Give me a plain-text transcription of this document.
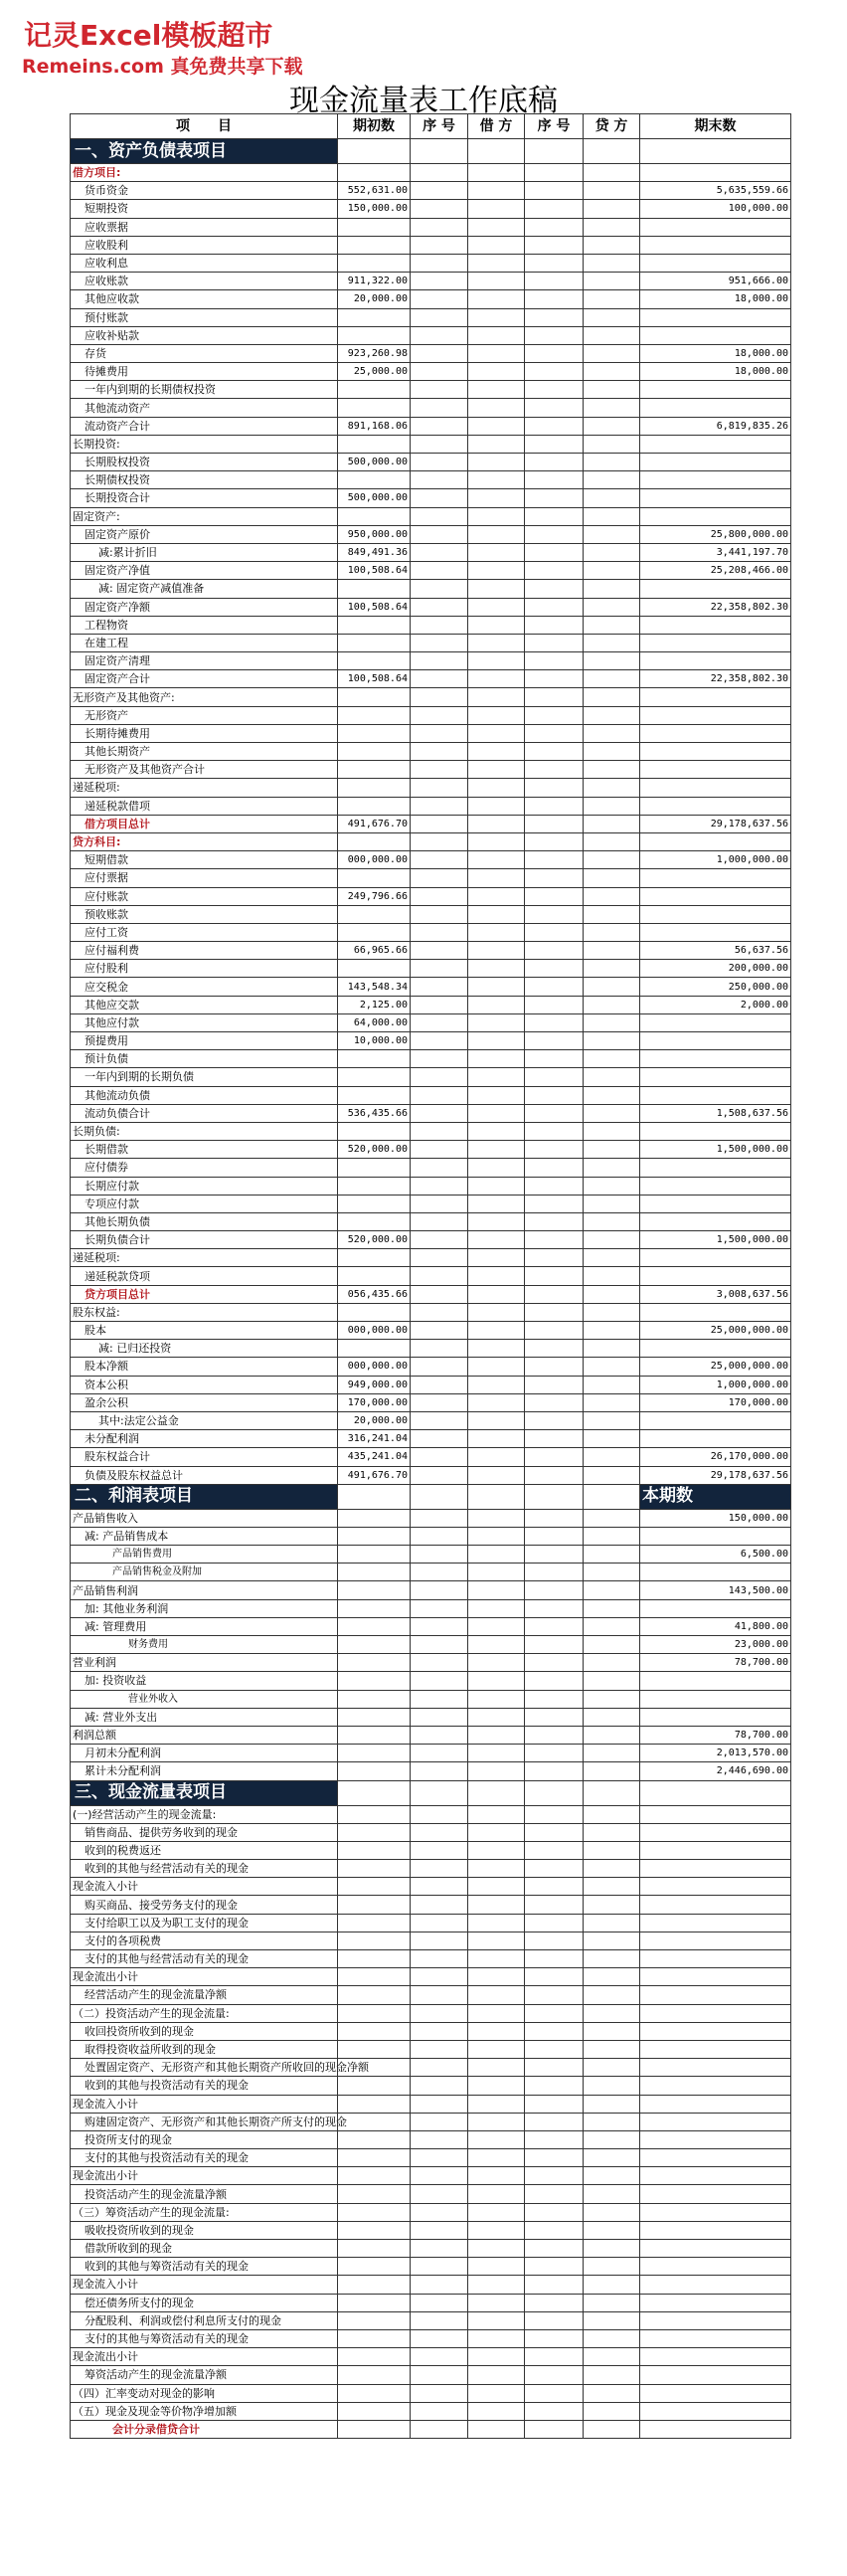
记灵Excel模板超市
Remeins.com 真免费共享下载
现金流量表工作底稿
项　　目	期初数	序 号	借 方	序 号	贷 方	期末数
一、资产负债表项目						
借方项目:						
货币资金	552,631.00					5,635,559.66
短期投资	150,000.00					100,000.00
应收票据						
应收股利						
应收利息						
应收账款	911,322.00					951,666.00
其他应收款	20,000.00					18,000.00
预付账款						
应收补贴款						
存货	923,260.98					18,000.00
待摊费用	25,000.00					18,000.00
一年内到期的长期债权投资						
其他流动资产						
流动资产合计	891,168.06					6,819,835.26
长期投资:						
长期股权投资	500,000.00					
长期债权投资						
长期投资合计	500,000.00					
固定资产:						
固定资产原价	950,000.00					25,800,000.00
减:累计折旧	849,491.36					3,441,197.70
固定资产净值	100,508.64					25,208,466.00
减: 固定资产减值准备						
固定资产净额	100,508.64					22,358,802.30
工程物资						
在建工程						
固定资产清理						
固定资产合计	100,508.64					22,358,802.30
无形资产及其他资产:						
无形资产						
长期待摊费用						
其他长期资产						
无形资产及其他资产合计						
递延税项:						
递延税款借项						
借方项目总计	491,676.70					29,178,637.56
贷方科目:						
短期借款	000,000.00					1,000,000.00
应付票据						
应付账款	249,796.66					
预收账款						
应付工资						
应付福利费	66,965.66					56,637.56
应付股利						200,000.00
应交税金	143,548.34					250,000.00
其他应交款	2,125.00					2,000.00
其他应付款	64,000.00					
预提费用	10,000.00					
预计负债						
一年内到期的长期负债						
其他流动负债						
流动负债合计	536,435.66					1,508,637.56
长期负债:						
长期借款	520,000.00					1,500,000.00
应付债券						
长期应付款						
专项应付款						
其他长期负债						
长期负债合计	520,000.00					1,500,000.00
递延税项:						
递延税款贷项						
贷方项目总计	056,435.66					3,008,637.56
股东权益:						
股本	000,000.00					25,000,000.00
减: 已归还投资						
股本净额	000,000.00					25,000,000.00
资本公积	949,000.00					1,000,000.00
盈余公积	170,000.00					170,000.00
其中:法定公益金	20,000.00					
未分配利润	316,241.04					
股东权益合计	435,241.04					26,170,000.00
负债及股东权益总计	491,676.70					29,178,637.56
二、利润表项目						本期数
产品销售收入						150,000.00
减: 产品销售成本						
产品销售费用						6,500.00
产品销售税金及附加						
产品销售利润						143,500.00
加: 其他业务利润						
减: 管理费用						41,800.00
财务费用						23,000.00
营业利润						78,700.00
加: 投资收益						
营业外收入						
减: 营业外支出						
利润总额						78,700.00
月初未分配利润						2,013,570.00
累计未分配利润						2,446,690.00
三、现金流量表项目						
(一)经营活动产生的现金流量:						
销售商品、提供劳务收到的现金						
收到的税费返还						
收到的其他与经营活动有关的现金						
现金流入小计						
购买商品、接受劳务支付的现金						
支付给职工以及为职工支付的现金						
支付的各项税费						
支付的其他与经营活动有关的现金						
现金流出小计						
经营活动产生的现金流量净额						
（二）投资活动产生的现金流量:						
收回投资所收到的现金						
取得投资收益所收到的现金						
处置固定资产、无形资产和其他长期资产所收回的现金净额						
收到的其他与投资活动有关的现金						
现金流入小计						
购建固定资产、无形资产和其他长期资产所支付的现金						
投资所支付的现金						
支付的其他与投资活动有关的现金						
现金流出小计						
投资活动产生的现金流量净额						
（三）筹资活动产生的现金流量:						
吸收投资所收到的现金						
借款所收到的现金						
收到的其他与筹资活动有关的现金						
现金流入小计						
偿还债务所支付的现金						
分配股利、利润或偿付利息所支付的现金						
支付的其他与筹资活动有关的现金						
现金流出小计						
筹资活动产生的现金流量净额						
（四）汇率变动对现金的影响						
（五）现金及现金等价物净增加额						
会计分录借贷合计						
